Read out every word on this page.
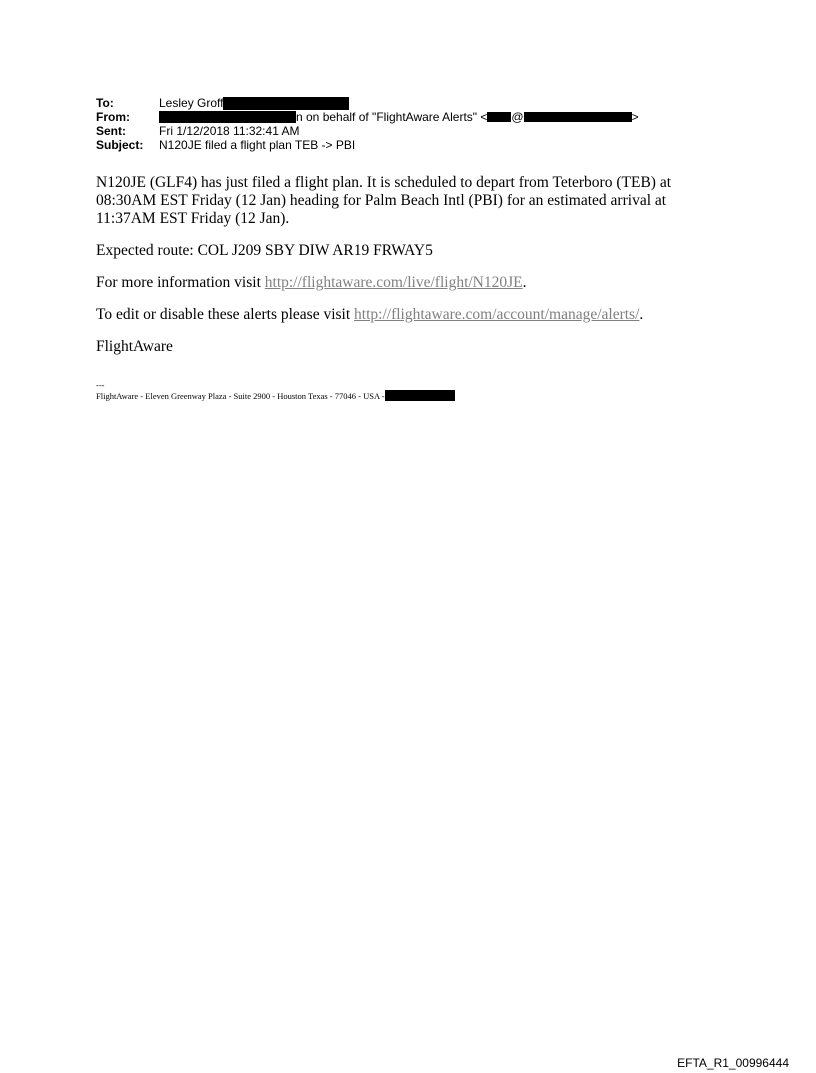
To:	Lesley Groff
From:	n on behalf of "FlightAware Alerts" < @	>
Sent:	Fri 1/12/2018 11:32:41 AM
Subject:	N120JE filed a flight plan TEB -> PBI

N120JE (GLF4) has just filed a flight plan. It is scheduled to depart from Teterboro (TEB) at 08:30AM EST Friday (12 Jan) heading for Palm Beach Intl (PBI) for an estimated arrival at 11:37AM EST Friday (12 Jan).

Expected route: COL J209 SBY DIW AR19 FRWAY5

For more information visit http://flightaware.com/live/flight/N120JE.

To edit or disable these alerts please visit http://flightaware.com/account/manage/alerts/.

FlightAware

---
FlightAware - Eleven Greenway Plaza - Suite 2900 - Houston Texas - 77046 - USA -
EFTA_R1_00996444
